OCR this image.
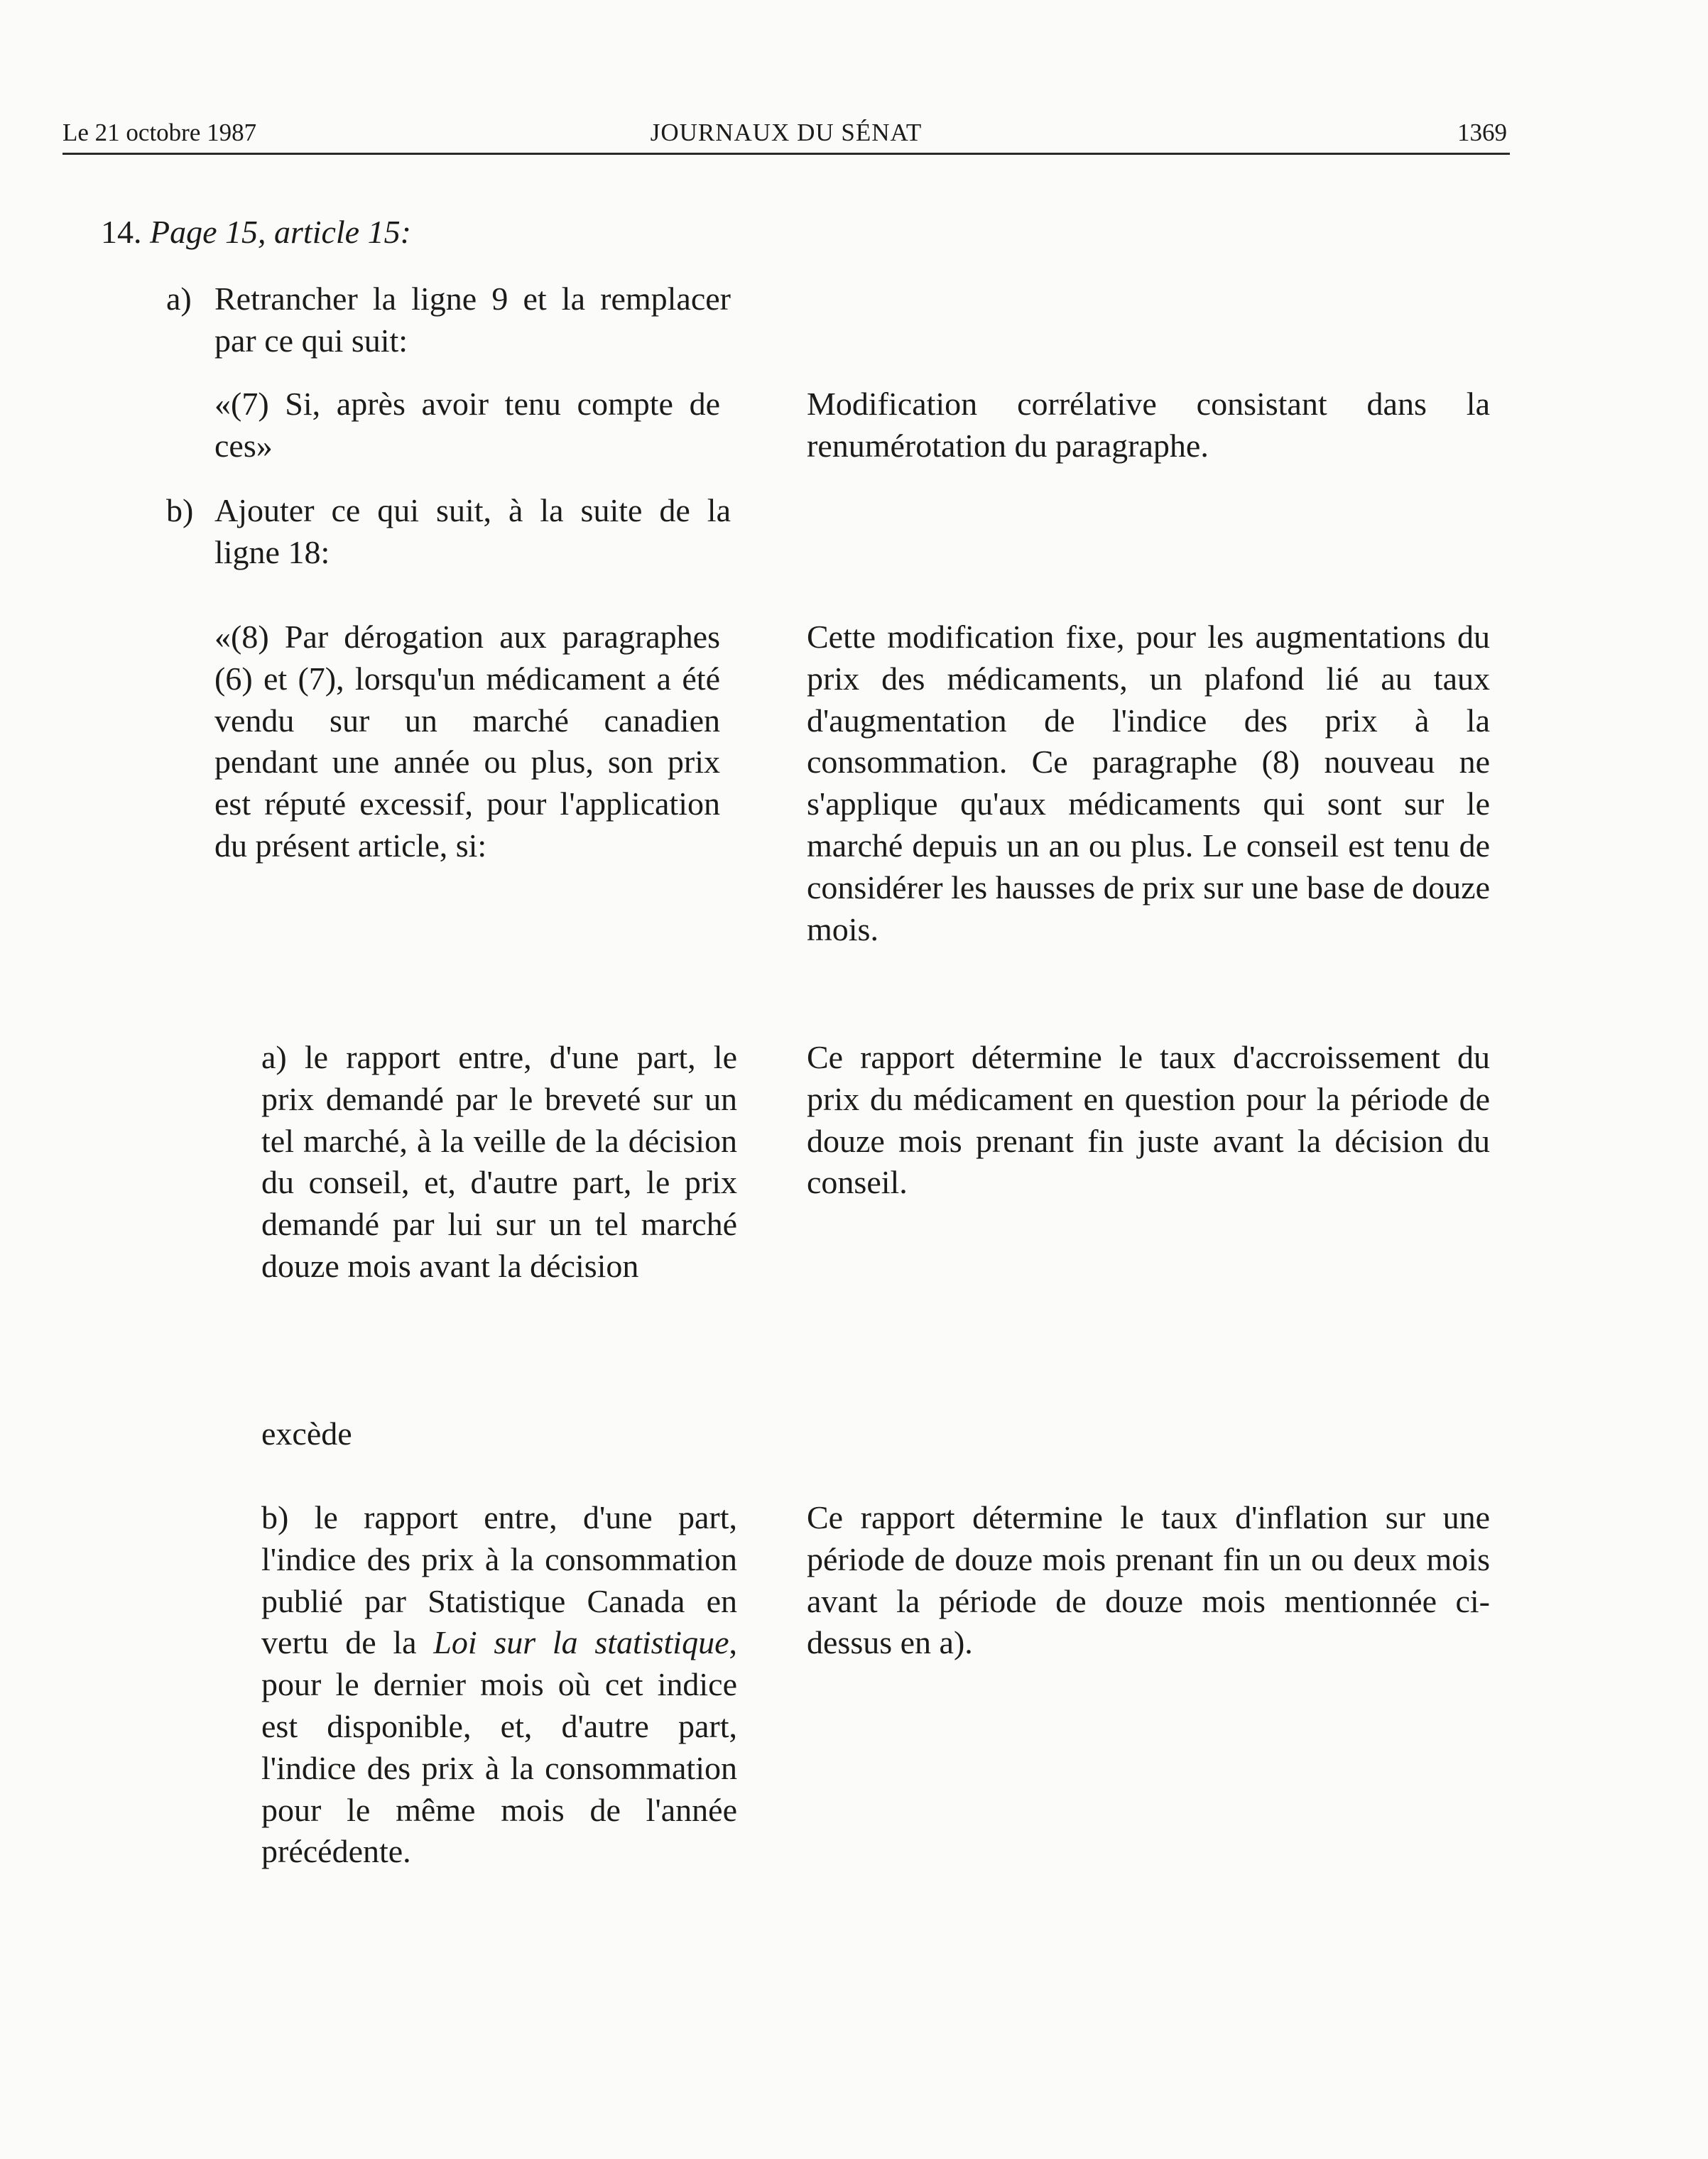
JOURNAUX DU SÉNAT
Le 21 octobre 1987	1369
14. Page 15, article 15:
a) Retrancher la ligne 9 et la remplacer par ce qui suit:
«(7) Si, après avoir tenu compte de ces»
Modification corrélative consistant dans la renumérotation du paragraphe.
b) Ajouter ce qui suit, à la suite de la ligne 18:
«(8) Par dérogation aux paragraphes (6) et (7), lorsqu'un médicament a été vendu sur un marché canadien pendant une année ou plus, son prix est réputé excessif, pour l'application du présent article, si:
Cette modification fixe, pour les augmentations du prix des médicaments, un plafond lié au taux d'augmentation de l'indice des prix à la consommation. Ce paragraphe (8) nouveau ne s'applique qu'aux médicaments qui sont sur le marché depuis un an ou plus. Le conseil est tenu de considérer les hausses de prix sur une base de douze mois.
a) le rapport entre, d'une part, le prix demandé par le breveté sur un tel marché, à la veille de la décision du conseil, et, d'autre part, le prix demandé par lui sur un tel marché douze mois avant la décision
Ce rapport détermine le taux d'accroissement du prix du médicament en question pour la période de douze mois prenant fin juste avant la décision du conseil.
excède
b) le rapport entre, d'une part, l'indice des prix à la consommation publié par Statistique Canada en vertu de la Loi sur la statistique, pour le dernier mois où cet indice est disponible, et, d'autre part, l'indice des prix à la consommation pour le même mois de l'année précédente.
Ce rapport détermine le taux d'inflation sur une période de douze mois prenant fin un ou deux mois avant la période de douze mois mentionnée ci-dessus en a).
